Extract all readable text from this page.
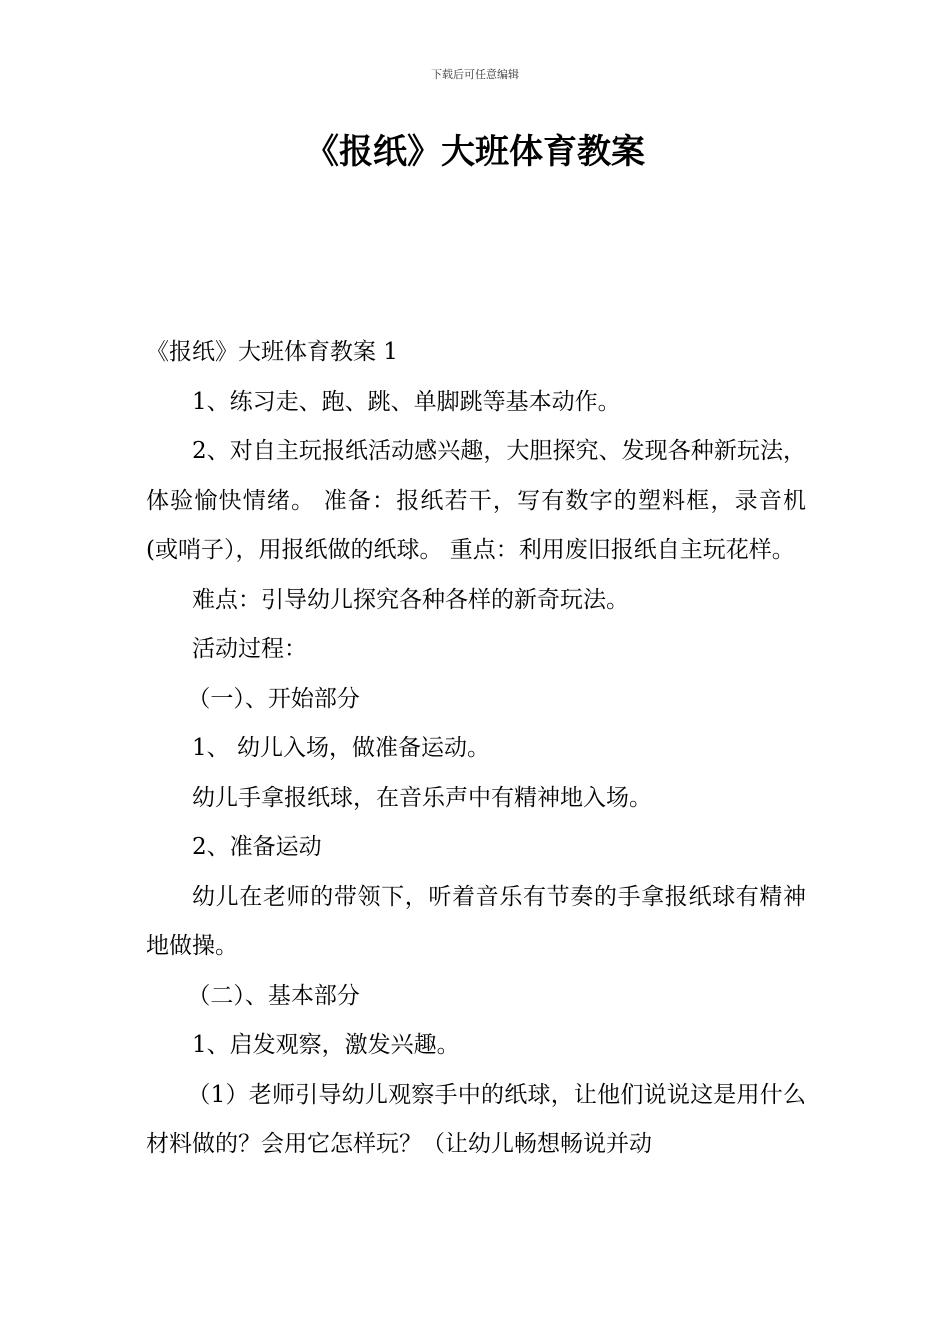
下载后可任意编辑
《报纸》大班体育教案

《报纸》大班体育教案 1

1、练习走、跑、跳、单脚跳等基本动作。

2、对自主玩报纸活动感兴趣，大胆探究、发现各种新玩法，体验愉快情绪。 准备：报纸若干，写有数字的塑料框，录音机(或哨子），用报纸做的纸球。 重点：利用废旧报纸自主玩花样。

难点：引导幼儿探究各种各样的新奇玩法。

活动过程：

（一）、开始部分

1、 幼儿入场，做准备运动。

幼儿手拿报纸球，在音乐声中有精神地入场。

2、准备运动

幼儿在老师的带领下，听着音乐有节奏的手拿报纸球有精神地做操。

（二）、基本部分

1、启发观察，激发兴趣。

（1）老师引导幼儿观察手中的纸球，让他们说说这是用什么材料做的？会用它怎样玩？（让幼儿畅想畅说并动
